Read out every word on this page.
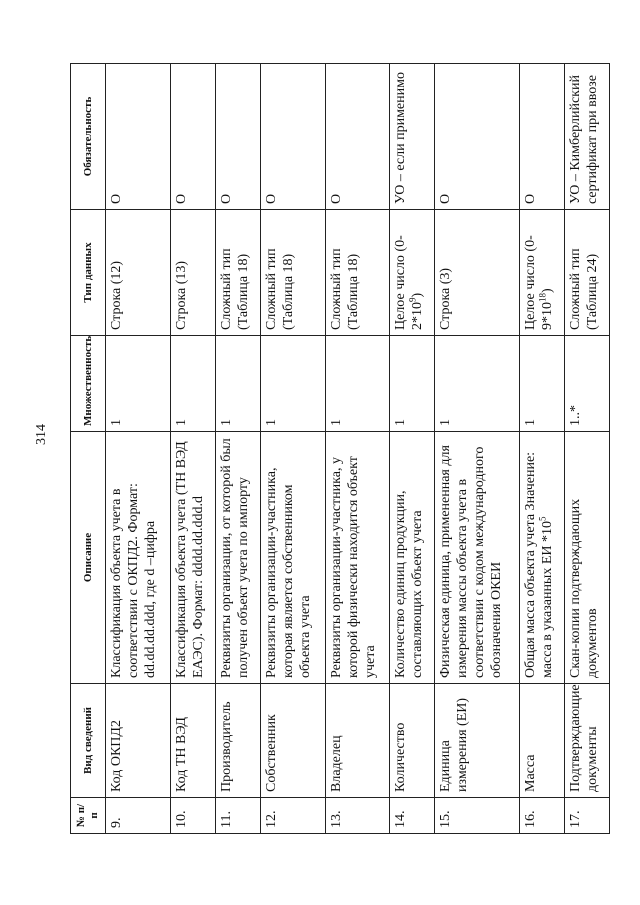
314
№ п/п	Вид сведений	Описание	Множественность	Тип данных	Обязательность
9.	Код ОКПД2	Классификация объекта учета в соответствии с ОКПД2. Формат: dd.dd.dd.ddd, где d –цифра	1	Строка (12)	О
10.	Код ТН ВЭД	Классификация объекта учета (ТН ВЭД ЕАЭС). Формат: dddd.dd.ddd.d	1	Строка (13)	О
11.	Производитель	Реквизиты организации, от которой был получен объект учета по импорту	1	Сложный тип (Таблица 18)	О
12.	Собственник	Реквизиты организации-участника, которая является собственником объекта учета	1	Сложный тип (Таблица 18)	О
13.	Владелец	Реквизиты организации-участника, у которой физически находится объект учета	1	Сложный тип (Таблица 18)	О
14.	Количество	Количество единиц продукции, составляющих объект учета	1	Целое число $(0-2*10^9)$	УО – если применимо
15.	Единица измерения (ЕИ)	Физическая единица, примененная для измерения массы объекта учета в соответствии с кодом международного обозначения ОКЕИ	1	Строка (3)	О
16.	Масса	Общая масса объекта учета Значение: масса в указанных ЕИ $*10^5$	1	Целое число $(0-9*10^{18})$	О
17.	Подтверждающие документы	Скан-копии подтверждающих документов	1..*	Сложный тип (Таблица 24)	УО – Кимберлийский сертификат при ввозе
